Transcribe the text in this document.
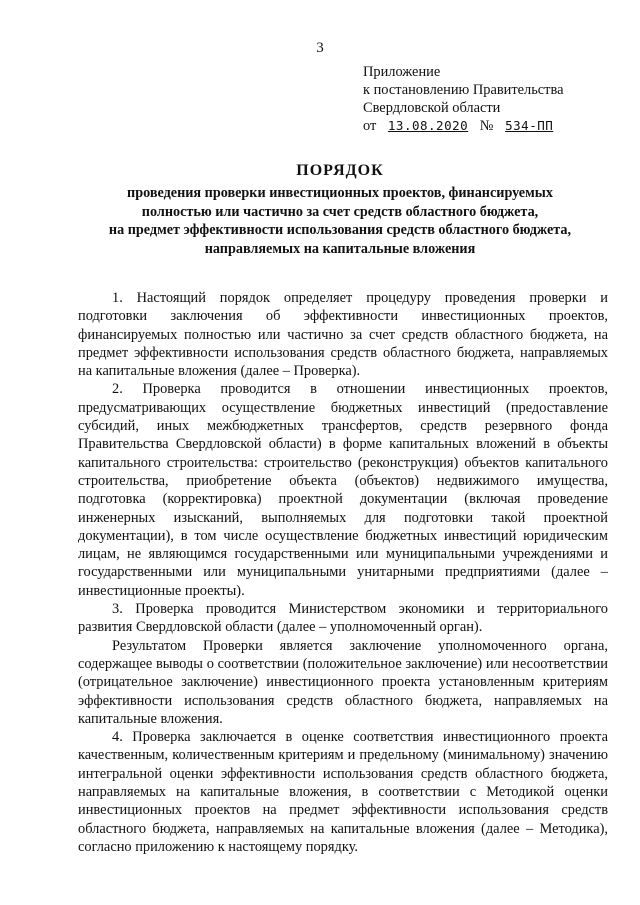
3
Приложение
к постановлению Правительства
Свердловской области
от 13.08.2020 № 534-ПП
ПОРЯДОК
проведения проверки инвестиционных проектов, финансируемых
полностью или частично за счет средств областного бюджета,
на предмет эффективности использования средств областного бюджета,
направляемых на капитальные вложения

1. Настоящий порядок определяет процедуру проведения проверки и подготовки заключения об эффективности инвестиционных проектов, финансируемых полностью или частично за счет средств областного бюджета, на предмет эффективности использования средств областного бюджета, направляемых на капитальные вложения (далее – Проверка).

2. Проверка проводится в отношении инвестиционных проектов, предусматривающих осуществление бюджетных инвестиций (предоставление субсидий, иных межбюджетных трансфертов, средств резервного фонда Правительства Свердловской области) в форме капитальных вложений в объекты капитального строительства: строительство (реконструкция) объектов капитального строительства, приобретение объекта (объектов) недвижимого имущества, подготовка (корректировка) проектной документации (включая проведение инженерных изысканий, выполняемых для подготовки такой проектной документации), в том числе осуществление бюджетных инвестиций юридическим лицам, не являющимся государственными или муниципальными учреждениями и государственными или муниципальными унитарными предприятиями (далее – инвестиционные проекты).

3. Проверка проводится Министерством экономики и территориального развития Свердловской области (далее – уполномоченный орган).

Результатом Проверки является заключение уполномоченного органа, содержащее выводы о соответствии (положительное заключение) или несоответствии (отрицательное заключение) инвестиционного проекта установленным критериям эффективности использования средств областного бюджета, направляемых на капитальные вложения.

4. Проверка заключается в оценке соответствия инвестиционного проекта качественным, количественным критериям и предельному (минимальному) значению интегральной оценки эффективности использования средств областного бюджета, направляемых на капитальные вложения, в соответствии с Методикой оценки инвестиционных проектов на предмет эффективности использования средств областного бюджета, направляемых на капитальные вложения (далее – Методика), согласно приложению к настоящему порядку.
